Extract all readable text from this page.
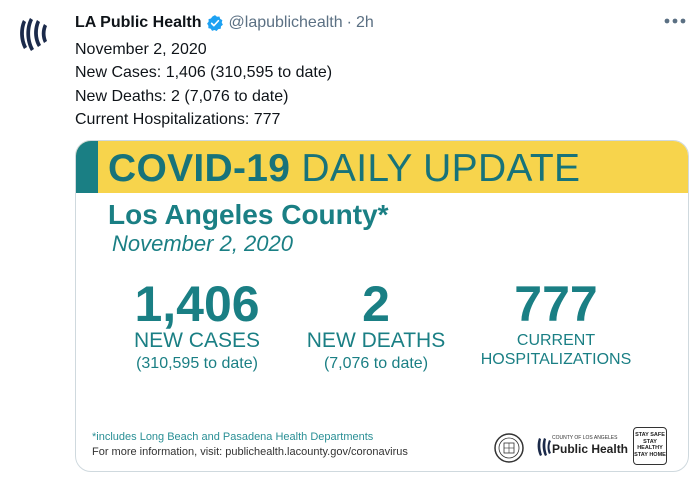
LA Public Health @lapublichealth · 2h
November 2, 2020
New Cases: 1,406 (310,595 to date)
New Deaths: 2 (7,076 to date)
Current Hospitalizations: 777
COVID-19 DAILY UPDATE
Los Angeles County*
November 2, 2020
1,406
NEW CASES
(310,595 to date)
2
NEW DEATHS
(7,076 to date)
777
CURRENT
HOSPITALIZATIONS
*includes Long Beach and Pasadena Health Departments
For more information, visit: publichealth.lacounty.gov/coronavirus
COUNTY OF LOS ANGELES
Public Health
STAY SAFE
STAY HEALTHY
STAY HOME
